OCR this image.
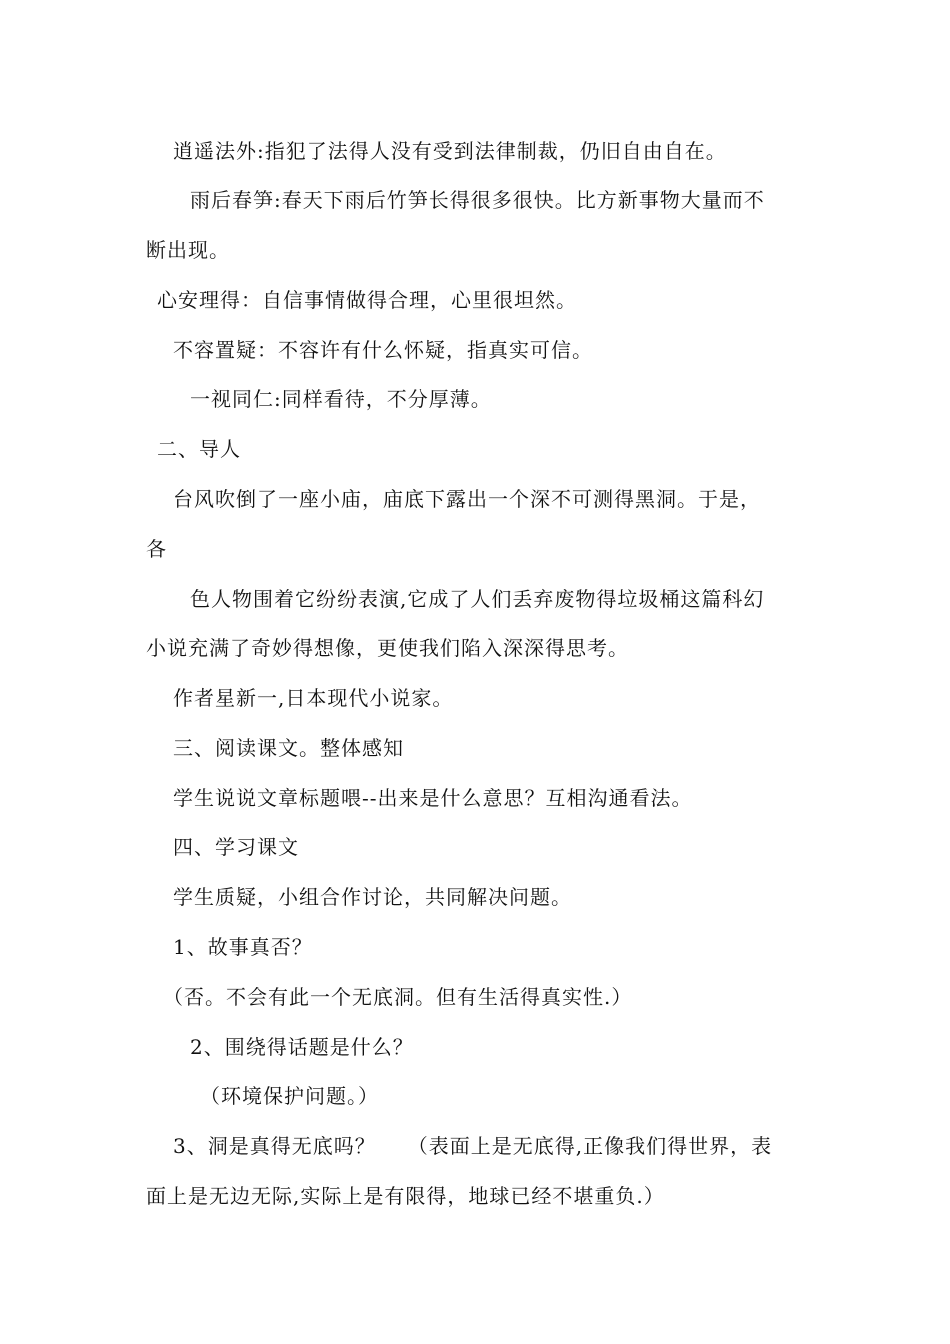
逍遥法外:指犯了法得人没有受到法律制裁，仍旧自由自在。
雨后春笋:春天下雨后竹笋长得很多很快。比方新事物大量而不
断出现。
心安理得：自信事情做得合理，心里很坦然。
不容置疑：不容许有什么怀疑，指真实可信。
一视同仁:同样看待，不分厚薄。
二、导人
台风吹倒了一座小庙，庙底下露出一个深不可测得黑洞。于是，
各
色人物围着它纷纷表演,它成了人们丢弃废物得垃圾桶这篇科幻
小说充满了奇妙得想像，更使我们陷入深深得思考。
作者星新一,日本现代小说家。
三、阅读课文。整体感知
学生说说文章标题喂--出来是什么意思？互相沟通看法。
四、学习课文
学生质疑，小组合作讨论，共同解决问题。
1、故事真否？
（否。不会有此一个无底洞。但有生活得真实性.）
2、围绕得话题是什么？
（环境保护问题。）
3、洞是真得无底吗？　　（表面上是无底得,正像我们得世界，表
面上是无边无际,实际上是有限得，地球已经不堪重负.）
